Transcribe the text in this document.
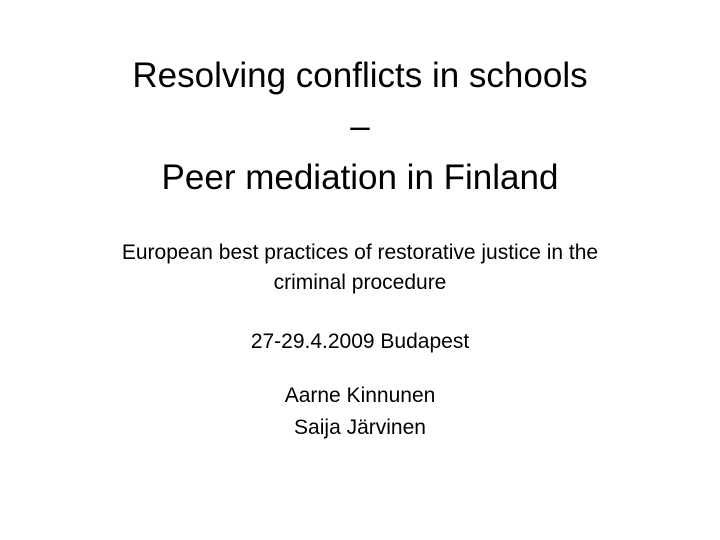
Resolving conflicts in schools
–
Peer mediation in Finland
European best practices of restorative justice in the
criminal procedure
27-29.4.2009 Budapest
Aarne Kinnunen
Saija Järvinen
